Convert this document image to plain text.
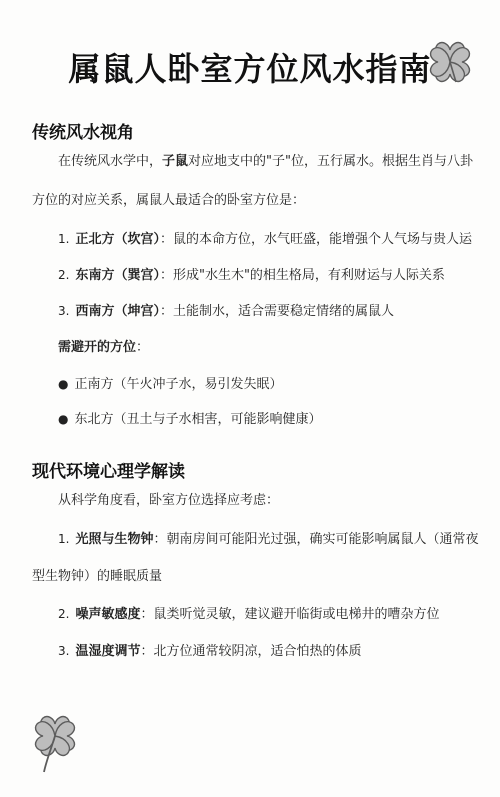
属鼠人卧室方位风水指南
传统风水视角
在传统风水学中，子鼠对应地支中的"子"位，五行属水。根据生肖与八卦
方位的对应关系，属鼠人最适合的卧室方位是：
1. 正北方（坎宫）：鼠的本命方位，水气旺盛，能增强个人气场与贵人运
2. 东南方（巽宫）：形成"水生木"的相生格局，有利财运与人际关系
3. 西南方（坤宫）：土能制水，适合需要稳定情绪的属鼠人
需避开的方位：
● 正南方（午火冲子水，易引发失眠）
● 东北方（丑土与子水相害，可能影响健康）
现代环境心理学解读
从科学角度看，卧室方位选择应考虑：
1. 光照与生物钟：朝南房间可能阳光过强，确实可能影响属鼠人（通常夜
型生物钟）的睡眠质量
2. 噪声敏感度：鼠类听觉灵敏，建议避开临街或电梯井的嘈杂方位
3. 温湿度调节：北方位通常较阴凉，适合怕热的体质
